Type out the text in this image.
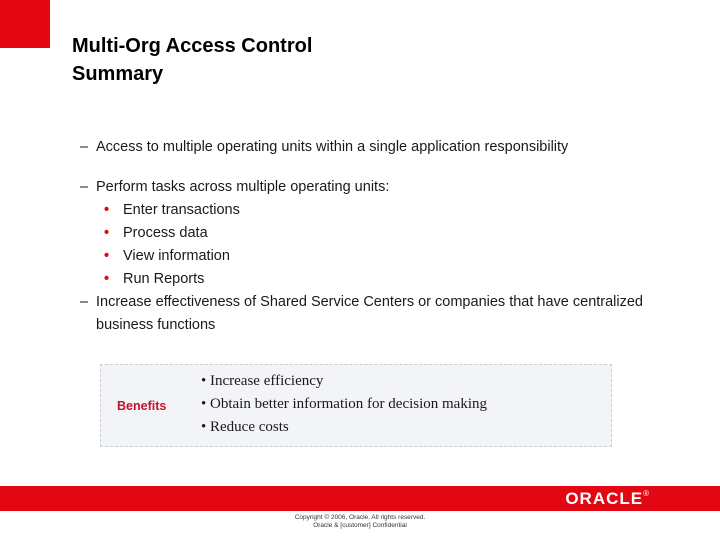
Multi-Org Access Control
Summary
– Access to multiple operating units within a single application responsibility
– Perform tasks across multiple operating units:
• Enter transactions
• Process data
• View information
• Run Reports
– Increase effectiveness of Shared Service Centers or companies that have centralized business functions
Benefits
• Increase efficiency
• Obtain better information for decision making
• Reduce costs
ORACLE®
Copyright © 2006, Oracle. All rights reserved.
Oracle & [customer] Confidential
